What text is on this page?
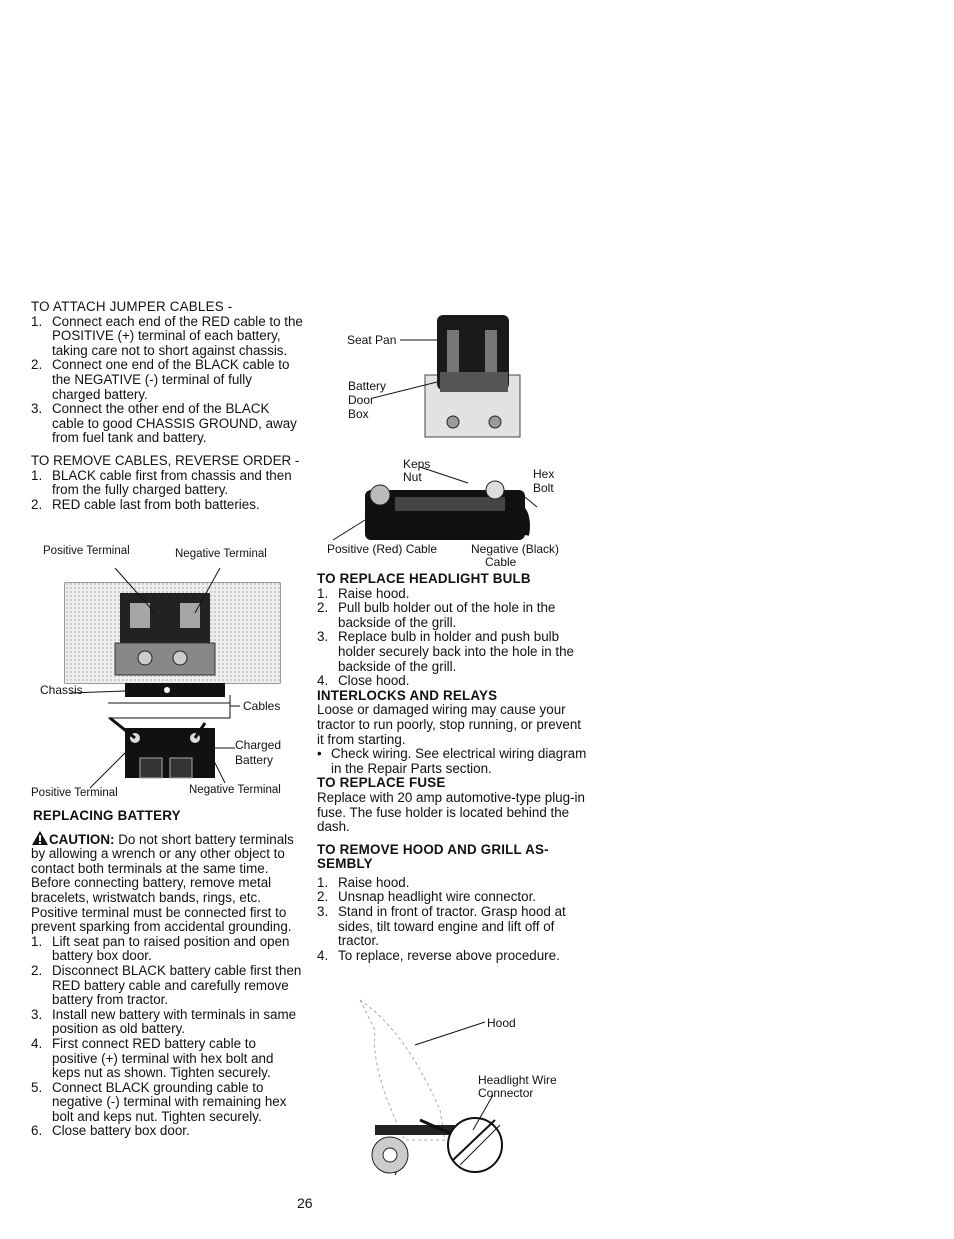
TO ATTACH JUMPER CABLES -

1. Connect each end of the RED cable to the POSITIVE (+) terminal of each battery, taking care not to short against chassis.
2. Connect one end of the BLACK cable to the NEGATIVE (-) terminal of fully charged battery.
3. Connect the other end of the BLACK cable to good CHASSIS GROUND, away from fuel tank and battery.

TO REMOVE CABLES, REVERSE ORDER -

1. BLACK cable first from chassis and then from the fully charged battery.
2. RED cable last from both batteries.
Positive Terminal	Negative Terminal
Chassis
Cables
Charged
Battery
Positive Terminal	Negative Terminal

REPLACING BATTERY

CAUTION: Do not short battery terminals by allowing a wrench or any other object to contact both terminals at the same time. Before connecting battery, remove metal bracelets, wristwatch bands, rings, etc.

Positive terminal must be connected first to prevent sparking from accidental grounding.

1. Lift seat pan to raised position and open battery box door.
2. Disconnect BLACK battery cable first then RED battery cable and carefully remove battery from tractor.
3. Install new battery with terminals in same position as old battery.
4. First connect RED battery cable to positive (+) terminal with hex bolt and keps nut as shown. Tighten securely.
5. Connect BLACK grounding cable to negative (-) terminal with remaining hex bolt and keps nut. Tighten securely.
6. Close battery box door.
Seat Pan
Battery
Door
Box
Keps
Nut	Hex
Bolt
Positive (Red) Cable	Negative (Black)
Cable

TO REPLACE HEADLIGHT BULB

1. Raise hood.
2. Pull bulb holder out of the hole in the backside of the grill.
3. Replace bulb in holder and push bulb holder securely back into the hole in the backside of the grill.
4. Close hood.

INTERLOCKS AND RELAYS

Loose or damaged wiring may cause your tractor to run poorly, stop running, or prevent it from starting.

• Check wiring. See electrical wiring diagram in the Repair Parts section.

TO REPLACE FUSE

Replace with 20 amp automotive-type plug-in fuse. The fuse holder is located behind the dash.

TO REMOVE HOOD AND GRILL AS-SEMBLY

1. Raise hood.
2. Unsnap headlight wire connector.
3. Stand in front of tractor. Grasp hood at sides, tilt toward engine and lift off of tractor.
4. To replace, reverse above procedure.
Hood
Headlight Wire
Connector
26
